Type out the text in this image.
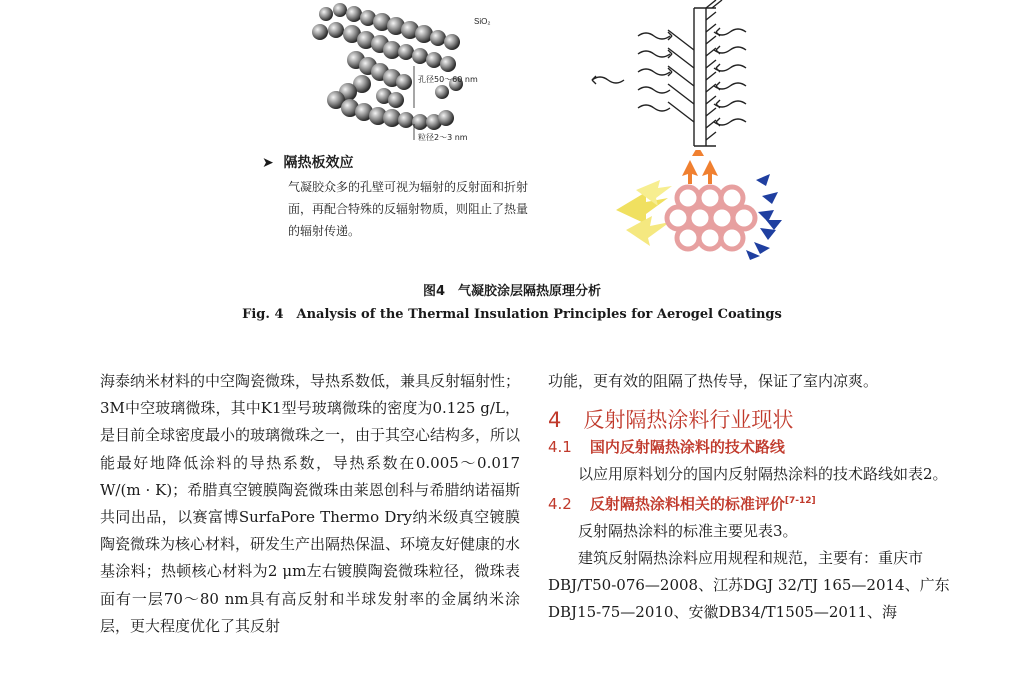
SiO₂
孔径50～60 nm
粒径2～3 nm
➤  隔热板效应
气凝胶众多的孔壁可视为辐射的反射面和折射面，再配合特殊的反辐射物质，则阻止了热量的辐射传递。
图4　气凝胶涂层隔热原理分析
Fig. 4　Analysis of the Thermal Insulation Principles for Aerogel Coatings

海泰纳米材料的中空陶瓷微珠，导热系数低，兼具反射辐射性；3M中空玻璃微珠，其中K1型号玻璃微珠的密度为0.125 g/L，是目前全球密度最小的玻璃微珠之一，由于其空心结构多，所以能最好地降低涂料的导热系数，导热系数在0.005～0.017 W/(m · K)；希腊真空镀膜陶瓷微珠由莱恩创科与希腊纳诺福斯共同出品，以赛富博SurfaPore Thermo Dry纳米级真空镀膜陶瓷微珠为核心材料，研发生产出隔热保温、环境友好健康的水基涂料；热顿核心材料为2 μm左右镀膜陶瓷微珠粒径，微珠表面有一层70～80 nm具有高反射和半球发射率的金属纳米涂层，更大程度优化了其反射

功能，更有效的阻隔了热传导，保证了室内凉爽。

4 反射隔热涂料行业现状

4.1 国内反射隔热涂料的技术路线

以应用原料划分的国内反射隔热涂料的技术路线如表2。

4.2 反射隔热涂料相关的标准评价[7-12]

反射隔热涂料的标准主要见表3。

建筑反射隔热涂料应用规程和规范，主要有：重庆市DBJ/T50-076—2008、江苏DGJ 32/TJ 165—2014、广东DBJ15-75—2010、安徽DB34/T1505—2011、海
